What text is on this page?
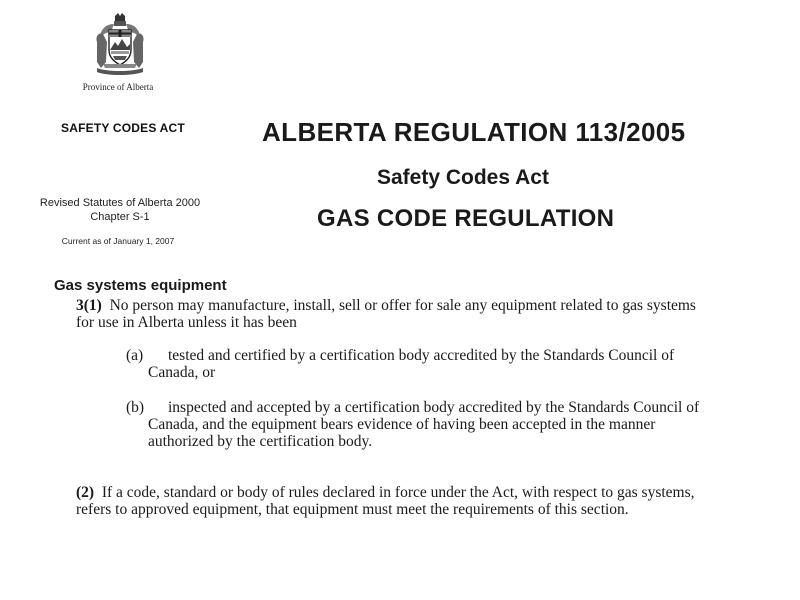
Province of Alberta
SAFETY CODES ACT
Revised Statutes of Alberta 2000
Chapter S-1
Current as of January 1, 2007
ALBERTA REGULATION 113/2005
Safety Codes Act
GAS CODE REGULATION
Gas systems equipment

3(1) No person may manufacture, install, sell or offer for sale any equipment related to gas systems for use in Alberta unless it has been

(a) tested and certified by a certification body accredited by the Standards Council of Canada, or
(b) inspected and accepted by a certification body accredited by the Standards Council of Canada, and the equipment bears evidence of having been accepted in the manner authorized by the certification body.

(2) If a code, standard or body of rules declared in force under the Act, with respect to gas systems, refers to approved equipment, that equipment must meet the requirements of this section.
